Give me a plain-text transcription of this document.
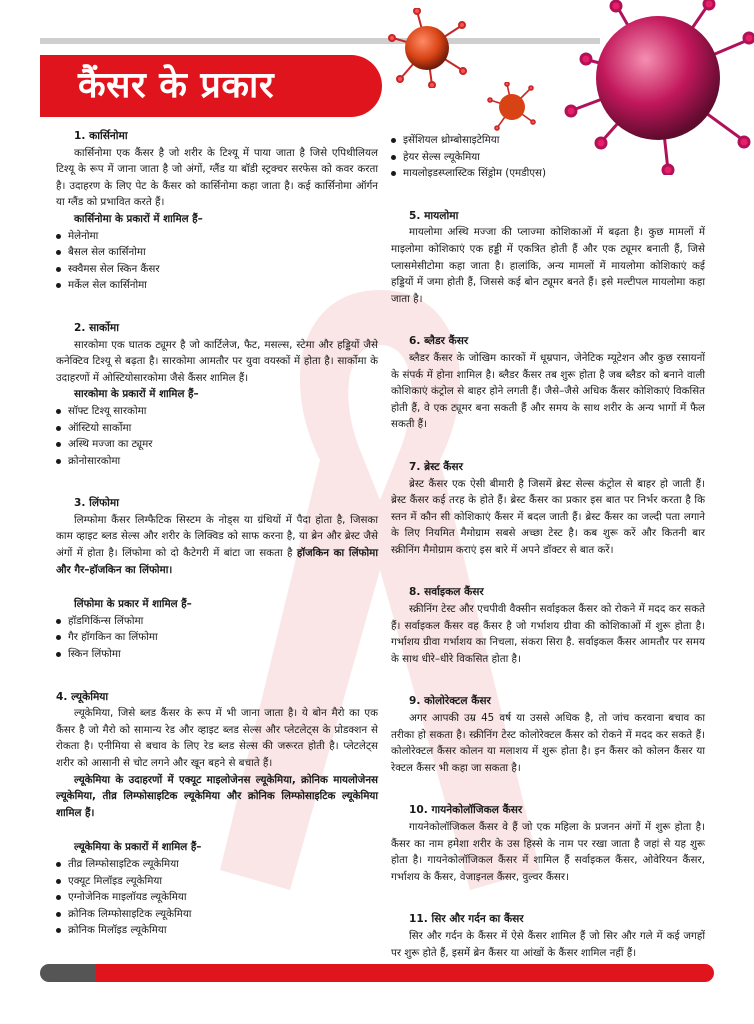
कैंसर के प्रकार

1. कार्सिनोमा

कार्सिनोमा एक कैंसर है जो शरीर के टिश्यू में पाया जाता है जिसे एपिथीलियल टिश्यू के रूप में जाना जाता है जो अंगों, ग्लैंड या बॉडी स्ट्रक्चर सरफेस को कवर करता है। उदाहरण के लिए पेट के कैंसर को कार्सिनोमा कहा जाता है। कई कार्सिनोमा ऑर्गन या ग्लैंड को प्रभावित करते हैं।

कार्सिनोमा के प्रकारों में शामिल हैं–

मेलेनोमा
बैसल सेल कार्सिनोमा
स्क्वैमस सेल स्किन कैंसर
मर्केल सेल कार्सिनोमा

2. सार्कोमा

सारकोमा एक घातक ट्यूमर है जो कार्टिलेज, फैट, मसल्स, स्टेमा और हड्डियों जैसे कनेक्टिव टिश्यू से बढ़ता है। सारकोमा आमतौर पर युवा वयस्कों में होता है। सार्कोमा के उदाहरणों में ओस्टियोसारकोमा जैसे कैंसर शामिल हैं।

सारकोमा के प्रकारों में शामिल हैं–

सॉफ्ट टिश्यू सारकोमा
ऑस्टियो सार्कोमा
अस्थि मज्जा का ट्यूमर
क्रोनोसारकोमा

3. लिंफोमा

लिम्फोमा कैंसर लिम्फैटिक सिस्टम के नोड्स या ग्रंथियों में पैदा होता है, जिसका काम व्हाइट ब्लड सेल्स और शरीर के लिक्विड को साफ करना है, या ब्रेन और ब्रेस्ट जैसे अंगों में होता है। लिंफोमा को दो कैटेगरी में बांटा जा सकता है हॉजकिन का लिंफोमा और गैर–हॉजकिन का लिंफोमा।

लिंफोमा के प्रकार में शामिल हैं–

हॉडगिकिंन्स लिंफोमा
गैर हॉगकिन का लिंफोमा
स्किन लिंफोमा

4. ल्यूकेमिया

ल्यूकेमिया, जिसे ब्लड कैंसर के रूप में भी जाना जाता है। ये बोन मैरो का एक कैंसर है जो मैरो को सामान्य रेड और व्हाइट ब्लड सेल्स और प्लेटलेट्स के प्रोडक्शन से रोकता है। एनीमिया से बचाव के लिए रेड ब्लड सेल्स की जरूरत होती है। प्लेटलेट्स शरीर को आसानी से चोट लगने और खून बहने से बचाते हैं।

ल्यूकेमिया के उदाहरणों में एक्यूट माइलोजेनस ल्यूकेमिया, क्रोनिक मायलोजेनस ल्यूकेमिया, तीव्र लिम्फोसाइटिक ल्यूकेमिया और क्रोनिक लिम्फोसाइटिक ल्यूकेमिया शामिल हैं।

ल्यूकेमिया के प्रकारों में शामिल हैं–

तीव्र लिम्फोसाइटिक ल्यूकेमिया
एक्यूट मिलॉइड ल्यूकेमिया
एग्नोजेनिक माइलॉयड ल्यूकेमिया
क्रोनिक लिम्फोसाइटिक ल्यूकेमिया
क्रोनिक मिलॉइड ल्यूकेमिया
इसेंशियल थ्रोम्बोसाइटेमिया
हेयर सेल्स ल्यूकेमिया
मायलोइडस्प्लास्टिक सिंड्रोम (एमडीएस)

5. मायलोमा

मायलोमा अस्थि मज्जा की प्लाज्मा कोशिकाओं में बढ़ता है। कुछ मामलों में माइलोमा कोशिकाएं एक हड्डी में एकत्रित होती हैं और एक ट्यूमर बनाती हैं, जिसे प्लासमेसीटोमा कहा जाता है। हालांकि, अन्य मामलों में मायलोमा कोशिकाएं कई हड्डियों में जमा होती हैं, जिससे कई बोन ट्यूमर बनते हैं। इसे मल्टीपल मायलोमा कहा जाता है।

6. ब्लैडर कैंसर

ब्लैडर कैंसर के जोखिम कारकों में धूम्रपान, जेनेटिक म्यूटेशन और कुछ रसायनों के संपर्क में होना शामिल है। ब्लैडर कैंसर तब शुरू होता है जब ब्लैडर को बनाने वाली कोशिकाएं कंट्रोल से बाहर होने लगती हैं। जैसे–जैसे अधिक कैंसर कोशिकाएं विकसित होती हैं, वे एक ट्यूमर बना सकती हैं और समय के साथ शरीर के अन्य भागों में फैल सकती हैं।

7. ब्रेस्ट कैंसर

ब्रेस्ट कैंसर एक ऐसी बीमारी है जिसमें ब्रेस्ट सेल्स कंट्रोल से बाहर हो जाती हैं। ब्रेस्ट कैंसर कई तरह के होते हैं। ब्रेस्ट कैंसर का प्रकार इस बात पर निर्भर करता है कि स्तन में कौन सी कोशिकाएं कैंसर में बदल जाती हैं। ब्रेस्ट कैंसर का जल्दी पता लगाने के लिए नियमित मैमोग्राम सबसे अच्छा टेस्ट है। कब शुरू करें और कितनी बार स्क्रीनिंग मैमोग्राम कराएं इस बारे में अपने डॉक्टर से बात करें।

8. सर्वाइकल कैंसर

स्क्रीनिंग टेस्ट और एचपीवी वैक्सीन सर्वाइकल कैंसर को रोकने में मदद कर सकते हैं। सर्वाइकल कैंसर वह कैंसर है जो गर्भाशय ग्रीवा की कोशिकाओं में शुरू होता है। गर्भाशय ग्रीवा गर्भाशय का निचला, संकरा सिरा है. सर्वाइकल कैंसर आमतौर पर समय के साथ धीरे–धीरे विकसित होता है।

9. कोलोरेक्टल कैंसर

अगर आपकी उम्र 45 वर्ष या उससे अधिक है, तो जांच करवाना बचाव का तरीका हो सकता है। स्क्रीनिंग टेस्ट कोलोरेक्टल कैंसर को रोकने में मदद कर सकते हैं। कोलोरेक्टल कैंसर कोलन या मलाशय में शुरू होता है। इन कैंसर को कोलन कैंसर या रेक्टल कैंसर भी कहा जा सकता है।

10. गायनेकोलॉजिकल कैंसर

गायनेकोलॉजिकल कैंसर वे हैं जो एक महिला के प्रजनन अंगों में शुरू होता है। कैंसर का नाम हमेशा शरीर के उस हिस्से के नाम पर रखा जाता है जहां से यह शुरू होता है। गायनेकोलॉजिकल कैंसर में शामिल हैं सर्वाइकल कैंसर, ओवेरियन कैंसर, गर्भाशय के कैंसर, वेजाइनल कैंसर, वुल्वर कैंसर।

11. सिर और गर्दन का कैंसर

सिर और गर्दन के कैंसर में ऐसे कैंसर शामिल हैं जो सिर और गले में कई जगहों पर शुरू होते हैं, इसमें ब्रेन कैंसर या आंखों के कैंसर शामिल नहीं हैं।
